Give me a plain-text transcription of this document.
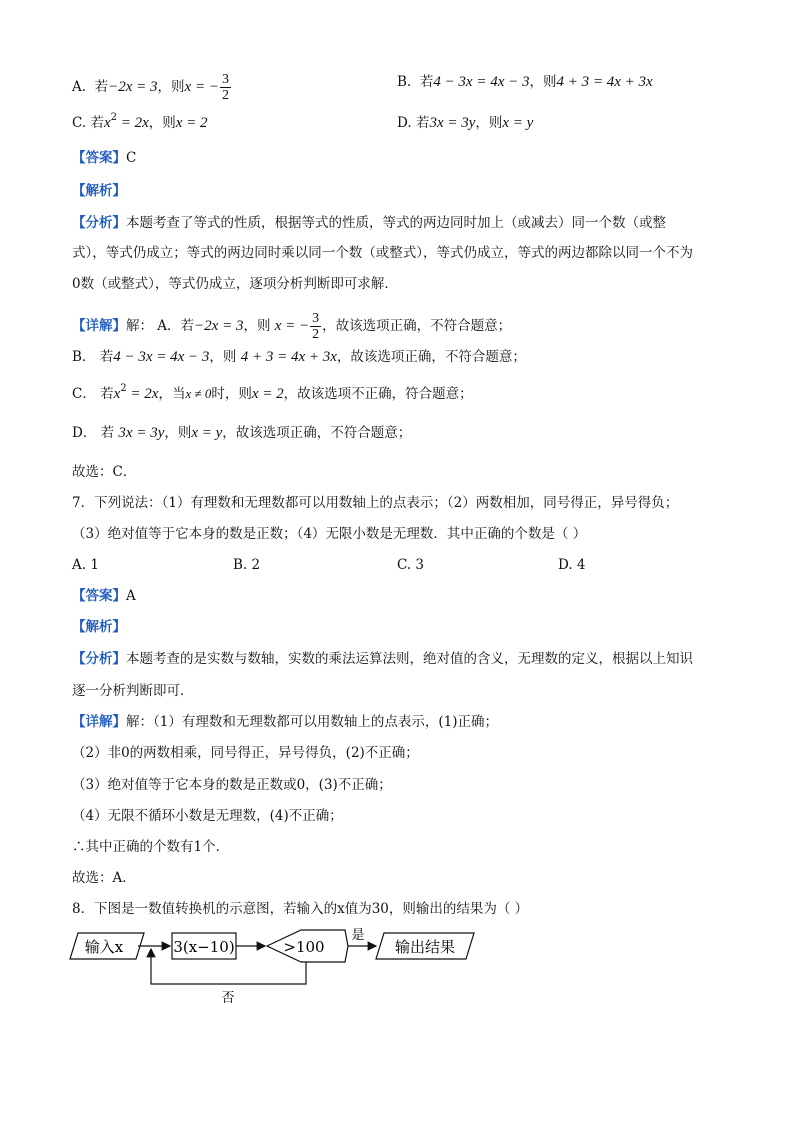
A. 若−2x = 3，则x = − $\frac{3}{2}$	B. 若4 − 3x = 4x − 3，则4 + 3 = 4x + 3x
C. 若$x^2 = 2x$，则x = 2	D. 若3x = 3y，则x = y
【答案】C
【解析】
【分析】本题考查了等式的性质，根据等式的性质，等式的两边同时加上（或减去）同一个数（或整
式），等式仍成立；等式的两边同时乘以同一个数（或整式），等式仍成立，等式的两边都除以同一个不为
0数（或整式），等式仍成立，逐项分析判断即可求解．
【详解】解： A．若−2x = 3，则 x = − $\frac{3}{2}$ ，故该选项正确，不符合题意；
B． 若4 − 3x = 4x − 3，则 4 + 3 = 4x + 3x，故该选项正确，不符合题意；
C． 若$x^2 = 2x$，当x ≠ 0时，则x = 2，故该选项不正确，符合题意；
D． 若 3x = 3y，则x = y，故该选项正确，不符合题意；
故选：C．
7．下列说法：（1）有理数和无理数都可以用数轴上的点表示；（2）两数相加，同号得正，异号得负；
（3）绝对值等于它本身的数是正数；（4）无限小数是无理数．其中正确的个数是（ ）
A. 1	B. 2	C. 3	D. 4
【答案】A
【解析】
【分析】本题考查的是实数与数轴，实数的乘法运算法则，绝对值的含义，无理数的定义，根据以上知识
逐一分析判断即可．
【详解】解：（1）有理数和无理数都可以用数轴上的点表示，(1)正确；
（2）非0的两数相乘，同号得正，异号得负，(2)不正确；
（3）绝对值等于它本身的数是正数或0，(3)不正确；
（4）无限不循环小数是无理数，(4)不正确；
∴其中正确的个数有1个．
故选：A．
8．下图是一数值转换机的示意图，若输入的x值为30，则输出的结果为（ ）
输入x	3(x−10)	>100
是
输出结果
否
